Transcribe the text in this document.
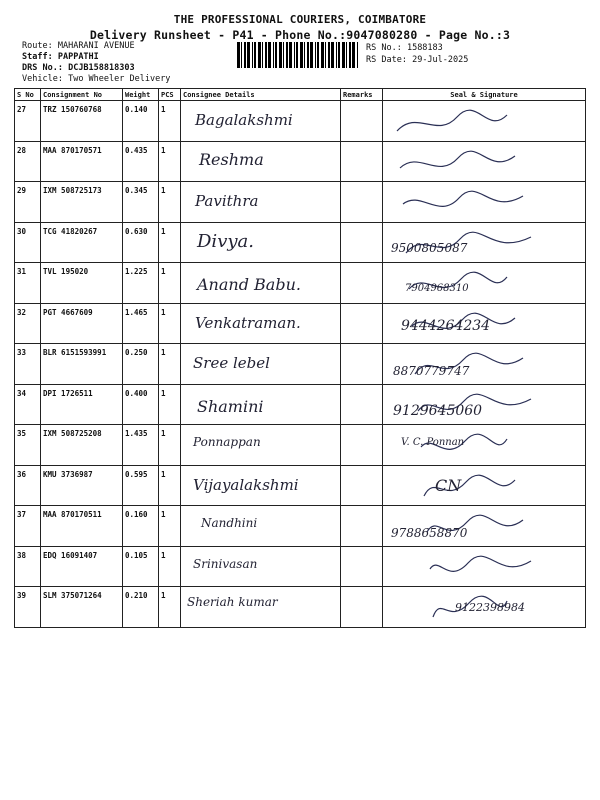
THE PROFESSIONAL COURIERS, COIMBATORE
Delivery Runsheet - P41 - Phone No.:9047080280 - Page No.:3
Route: MAHARANI AVENUE
Staff: PAPPATHI
DRS No.: DCJB158818303
Vehicle: Two Wheeler Delivery
RS No.: 1588183
RS Date: 29-Jul-2025
S No	Consignment No	Weight	PCS	Consignee Details	Remarks	Seal & Signature
27	TRZ 150760768	0.140	1	Bagalakshmi

28	MAA 870170571	0.435	1	Reshma

29	IXM 508725173	0.345	1	Pavithra

30	TCG 41820267	0.630	1	Divya.		9500805087

31	TVL 195020	1.225	1	Anand Babu.		7904968310

32	PGT 4667609	1.465	1	Venkatraman.		9444264234

33	BLR 6151593991	0.250	1	Sree lebel		8870779747

34	DPI 1726511	0.400	1	Shamini		9129645060

35	IXM 508725208	1.435	1	Ponnappan		V. C. Ponnan

36	KMU 3736987	0.595	1	Vijayalakshmi		CN

37	MAA 870170511	0.160	1	Nandhini		9788658870

38	EDQ 16091407	0.105	1	Srinivasan

39	SLM 375071264	0.210	1	Sheriah kumar		9122398984
